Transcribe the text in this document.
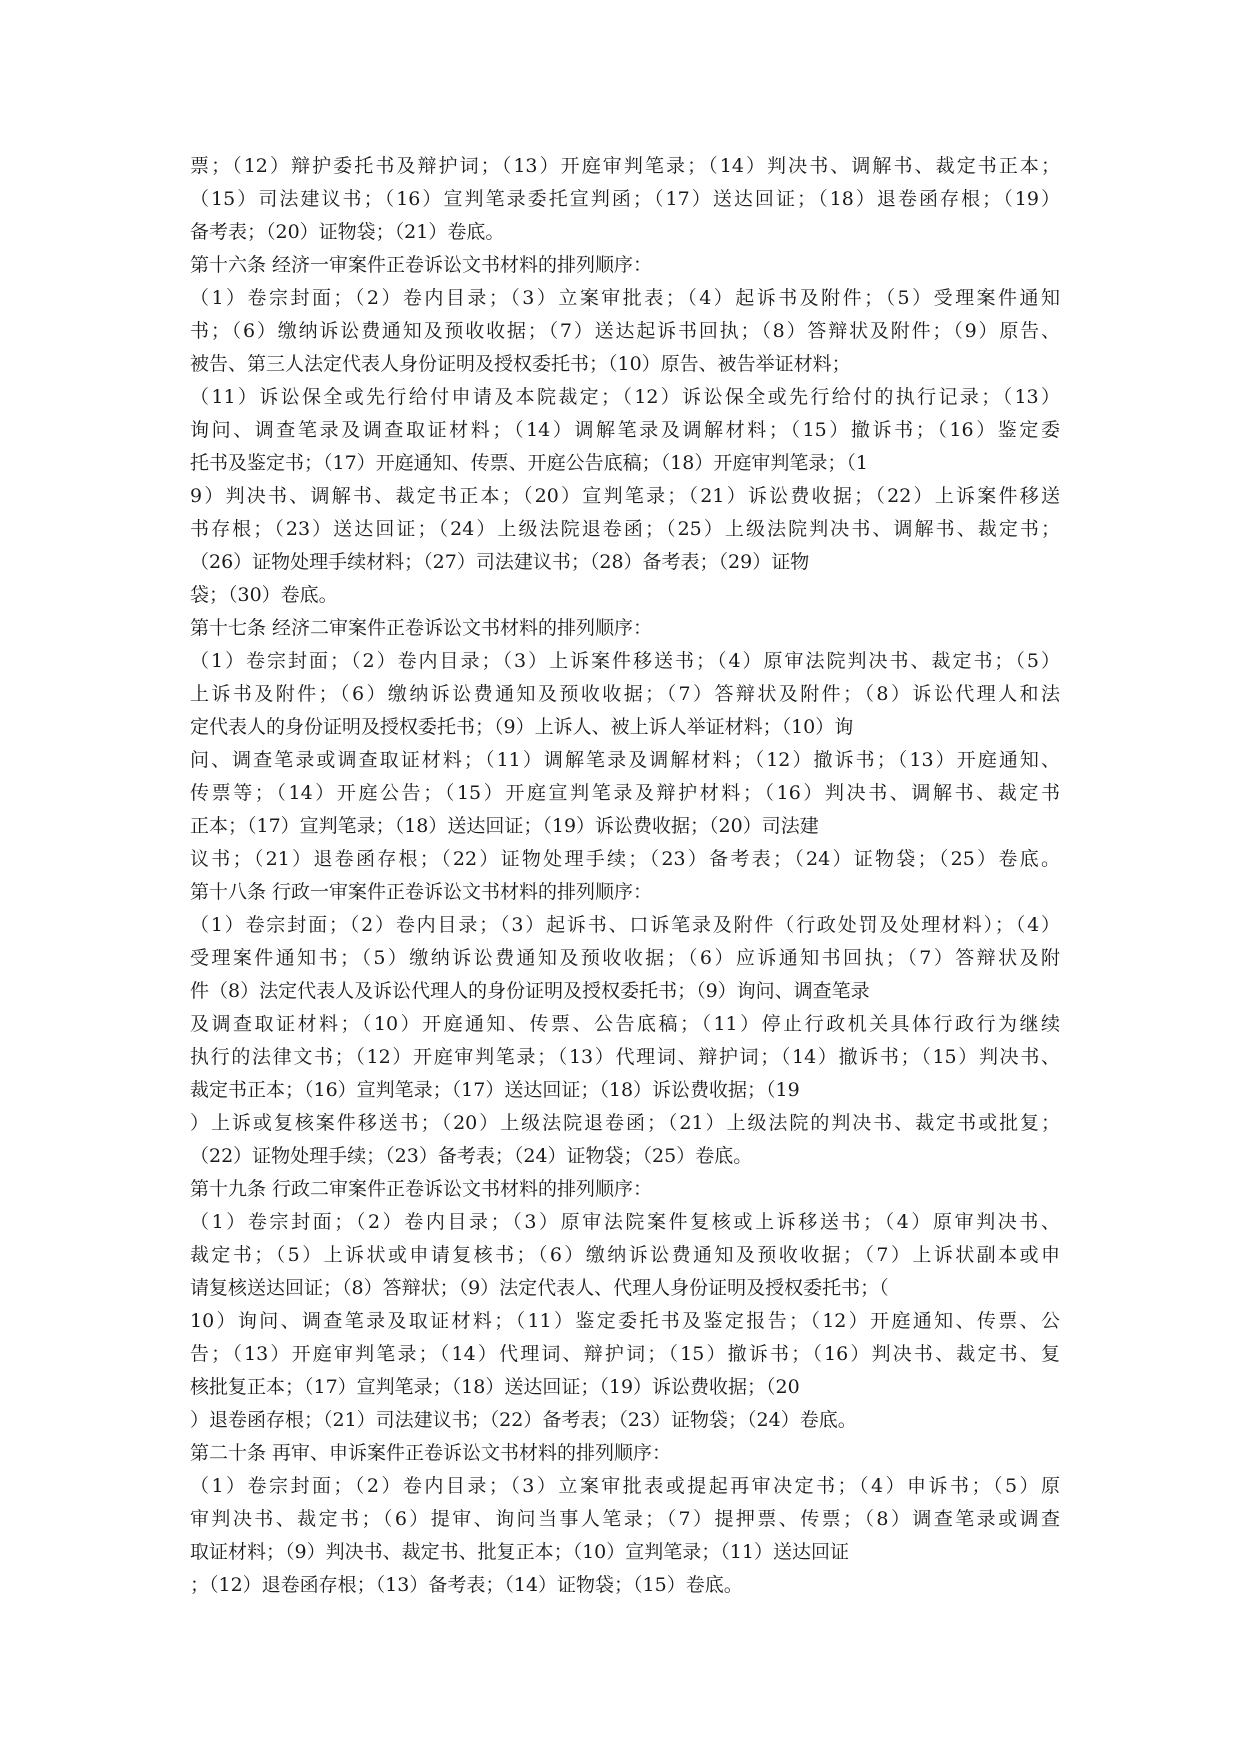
票；（12）辩护委托书及辩护词；（13）开庭审判笔录；（14）判决书、调解书、裁定书正本；
（15）司法建议书；（16）宣判笔录委托宣判函；（17）送达回证；（18）退卷函存根；（19）
备考表；（20）证物袋；（21）卷底。
第十六条 经济一审案件正卷诉讼文书材料的排列顺序：
（1）卷宗封面；（2）卷内目录；（3）立案审批表；（4）起诉书及附件；（5）受理案件通知
书；（6）缴纳诉讼费通知及预收收据；（7）送达起诉书回执；（8）答辩状及附件；（9）原告、
被告、第三人法定代表人身份证明及授权委托书；（10）原告、被告举证材料；
（11）诉讼保全或先行给付申请及本院裁定；（12）诉讼保全或先行给付的执行记录；（13）
询问、调查笔录及调查取证材料；（14）调解笔录及调解材料；（15）撤诉书；（16）鉴定委
托书及鉴定书；（17）开庭通知、传票、开庭公告底稿；（18）开庭审判笔录；（1
9）判决书、调解书、裁定书正本；（20）宣判笔录；（21）诉讼费收据；（22）上诉案件移送
书存根；（23）送达回证；（24）上级法院退卷函；（25）上级法院判决书、调解书、裁定书；
（26）证物处理手续材料；（27）司法建议书；（28）备考表；（29）证物
袋；（30）卷底。
第十七条 经济二审案件正卷诉讼文书材料的排列顺序：
（1）卷宗封面；（2）卷内目录；（3）上诉案件移送书；（4）原审法院判决书、裁定书；（5）
上诉书及附件；（6）缴纳诉讼费通知及预收收据；（7）答辩状及附件；（8）诉讼代理人和法
定代表人的身份证明及授权委托书；（9）上诉人、被上诉人举证材料；（10）询
问、调查笔录或调查取证材料；（11）调解笔录及调解材料；（12）撤诉书；（13）开庭通知、
传票等；（14）开庭公告；（15）开庭宣判笔录及辩护材料；（16）判决书、调解书、裁定书
正本；（17）宣判笔录；（18）送达回证；（19）诉讼费收据；（20）司法建
议书；（21）退卷函存根；（22）证物处理手续；（23）备考表；（24）证物袋；（25）卷底。
第十八条 行政一审案件正卷诉讼文书材料的排列顺序：
（1）卷宗封面；（2）卷内目录；（3）起诉书、口诉笔录及附件（行政处罚及处理材料）；（4）
受理案件通知书；（5）缴纳诉讼费通知及预收收据；（6）应诉通知书回执；（7）答辩状及附
件（8）法定代表人及诉讼代理人的身份证明及授权委托书；（9）询问、调查笔录
及调查取证材料；（10）开庭通知、传票、公告底稿；（11）停止行政机关具体行政行为继续
执行的法律文书；（12）开庭审判笔录；（13）代理词、辩护词；（14）撤诉书；（15）判决书、
裁定书正本；（16）宣判笔录；（17）送达回证；（18）诉讼费收据；（19
）上诉或复核案件移送书；（20）上级法院退卷函；（21）上级法院的判决书、裁定书或批复；
（22）证物处理手续；（23）备考表；（24）证物袋；（25）卷底。
第十九条 行政二审案件正卷诉讼文书材料的排列顺序：
（1）卷宗封面；（2）卷内目录；（3）原审法院案件复核或上诉移送书；（4）原审判决书、
裁定书；（5）上诉状或申请复核书；（6）缴纳诉讼费通知及预收收据；（7）上诉状副本或申
请复核送达回证；（8）答辩状；（9）法定代表人、代理人身份证明及授权委托书；（
10）询问、调查笔录及取证材料；（11）鉴定委托书及鉴定报告；（12）开庭通知、传票、公
告；（13）开庭审判笔录；（14）代理词、辩护词；（15）撤诉书；（16）判决书、裁定书、复
核批复正本；（17）宣判笔录；（18）送达回证；（19）诉讼费收据；（20
）退卷函存根；（21）司法建议书；（22）备考表；（23）证物袋；（24）卷底。
第二十条 再审、申诉案件正卷诉讼文书材料的排列顺序：
（1）卷宗封面；（2）卷内目录；（3）立案审批表或提起再审决定书；（4）申诉书；（5）原
审判决书、裁定书；（6）提审、询问当事人笔录；（7）提押票、传票；（8）调查笔录或调查
取证材料；（9）判决书、裁定书、批复正本；（10）宣判笔录；（11）送达回证
；（12）退卷函存根；（13）备考表；（14）证物袋；（15）卷底。
